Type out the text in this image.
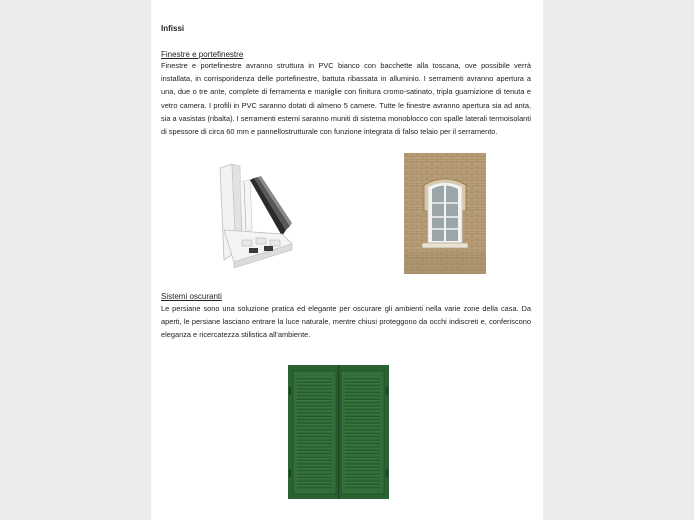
Infissi
Finestre e portefinestre

Finestre e portefinestre avranno struttura in PVC bianco con bacchette alla toscana, ove possibile verrà installata, in corrispondenza delle portefinestre, battuta ribassata in alluminio. I serramenti avranno apertura a una, due o tre ante, complete di ferramenta e maniglie con finitura cromo-satinato, tripla guarnizione di tenuta e vetro camera. I profili in PVC saranno dotati di almeno 5 camere. Tutte le finestre avranno apertura sia ad anta, sia a vasistas (ribalta). I serramenti esterni saranno muniti di sistema monoblocco con spalle laterali termoisolanti di spessore di circa 60 mm e pannellostrutturale con funzione integrata di falso telaio per il serramento.

Sistemi oscuranti

Le persiane sono una soluzione pratica ed elegante per oscurare gli ambienti nella varie zone della casa. Da aperti, le persiane lasciano entrare la luce naturale, mentre chiusi proteggono da occhi indiscreti e, conferiscono eleganza e ricercatezza stilistica all'ambiente.
